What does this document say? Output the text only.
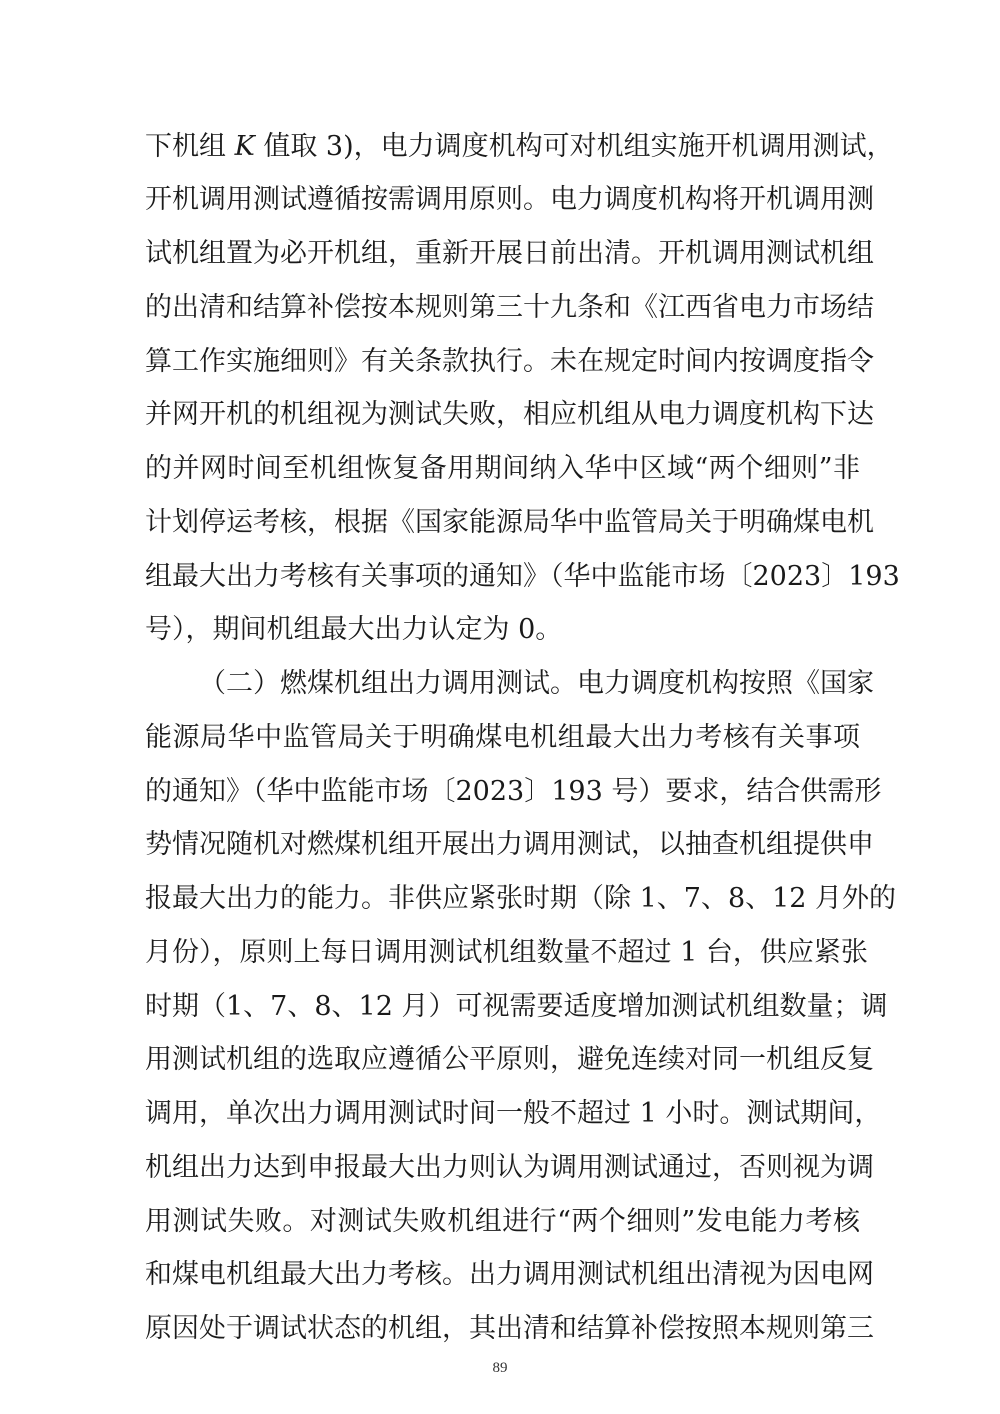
下机组 K 值取 3)，电力调度机构可对机组实施开机调用测试，
开机调用测试遵循按需调用原则。电力调度机构将开机调用测
试机组置为必开机组，重新开展日前出清。开机调用测试机组
的出清和结算补偿按本规则第三十九条和《江西省电力市场结
算工作实施细则》有关条款执行。未在规定时间内按调度指令
并网开机的机组视为测试失败，相应机组从电力调度机构下达
的并网时间至机组恢复备用期间纳入华中区域“两个细则”非
计划停运考核，根据《国家能源局华中监管局关于明确煤电机
组最大出力考核有关事项的通知》（华中监能市场〔2023〕193
号），期间机组最大出力认定为 0。
（二）燃煤机组出力调用测试。电力调度机构按照《国家
能源局华中监管局关于明确煤电机组最大出力考核有关事项
的通知》（华中监能市场〔2023〕193 号）要求，结合供需形
势情况随机对燃煤机组开展出力调用测试，以抽查机组提供申
报最大出力的能力。非供应紧张时期（除 1、7、8、12 月外的
月份），原则上每日调用测试机组数量不超过 1 台，供应紧张
时期（1、7、8、12 月）可视需要适度增加测试机组数量；调
用测试机组的选取应遵循公平原则，避免连续对同一机组反复
调用，单次出力调用测试时间一般不超过 1 小时。测试期间，
机组出力达到申报最大出力则认为调用测试通过，否则视为调
用测试失败。对测试失败机组进行“两个细则”发电能力考核
和煤电机组最大出力考核。出力调用测试机组出清视为因电网
原因处于调试状态的机组，其出清和结算补偿按照本规则第三
89
